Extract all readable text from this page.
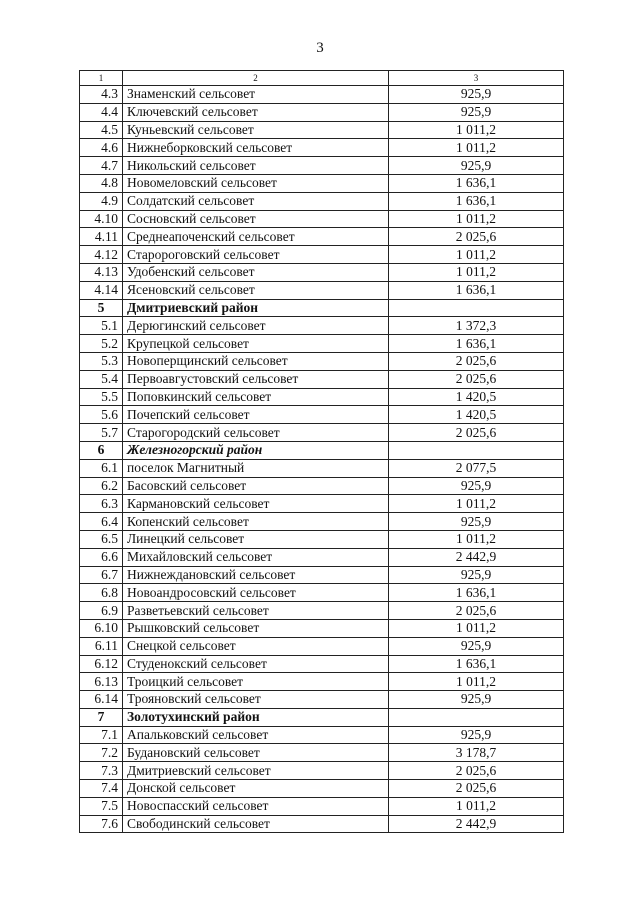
3
1	2	3
4.3	Знаменский сельсовет	925,9
4.4	Ключевский сельсовет	925,9
4.5	Куньевский сельсовет	1 011,2
4.6	Нижнеборковский сельсовет	1 011,2
4.7	Никольский сельсовет	925,9
4.8	Новомеловский сельсовет	1 636,1
4.9	Солдатский сельсовет	1 636,1
4.10	Сосновский сельсовет	1 011,2
4.11	Среднеапоченский сельсовет	2 025,6
4.12	Старороговский сельсовет	1 011,2
4.13	Удобенский сельсовет	1 011,2
4.14	Ясеновский сельсовет	1 636,1
5	Дмитриевский район	
5.1	Дерюгинский сельсовет	1 372,3
5.2	Крупецкой сельсовет	1 636,1
5.3	Новоперщинский сельсовет	2 025,6
5.4	Первоавгустовский сельсовет	2 025,6
5.5	Поповкинский сельсовет	1 420,5
5.6	Почепский сельсовет	1 420,5
5.7	Старогородский сельсовет	2 025,6
6	Железногорский район	
6.1	поселок Магнитный	2 077,5
6.2	Басовский сельсовет	925,9
6.3	Кармановский сельсовет	1 011,2
6.4	Копенский сельсовет	925,9
6.5	Линецкий сельсовет	1 011,2
6.6	Михайловский сельсовет	2 442,9
6.7	Нижнеждановский сельсовет	925,9
6.8	Новоандросовский сельсовет	1 636,1
6.9	Разветьевский сельсовет	2 025,6
6.10	Рышковский сельсовет	1 011,2
6.11	Снецкой сельсовет	925,9
6.12	Студенокский сельсовет	1 636,1
6.13	Троицкий сельсовет	1 011,2
6.14	Трояновский сельсовет	925,9
7	Золотухинский район	
7.1	Апальковский сельсовет	925,9
7.2	Будановский сельсовет	3 178,7
7.3	Дмитриевский сельсовет	2 025,6
7.4	Донской сельсовет	2 025,6
7.5	Новоспасский сельсовет	1 011,2
7.6	Свободинский сельсовет	2 442,9
